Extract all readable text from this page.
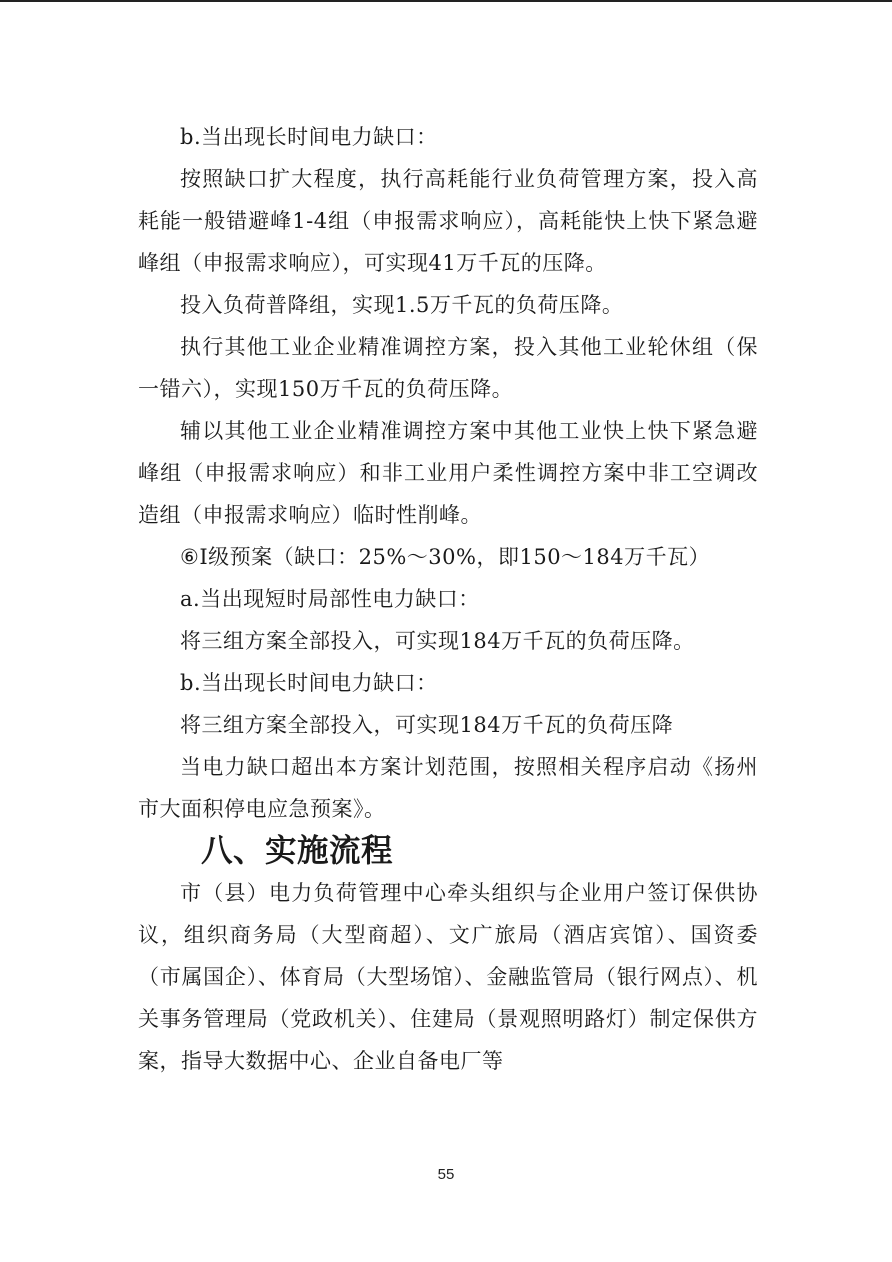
b.当出现长时间电力缺口：

按照缺口扩大程度，执行高耗能行业负荷管理方案，投入高耗能一般错避峰1-4组（申报需求响应），高耗能快上快下紧急避峰组（申报需求响应），可实现41万千瓦的压降。

投入负荷普降组，实现1.5万千瓦的负荷压降。

执行其他工业企业精准调控方案，投入其他工业轮休组（保一错六），实现150万千瓦的负荷压降。

辅以其他工业企业精准调控方案中其他工业快上快下紧急避峰组（申报需求响应）和非工业用户柔性调控方案中非工空调改造组（申报需求响应）临时性削峰。

⑥I级预案（缺口：25%～30%，即150～184万千瓦）

a.当出现短时局部性电力缺口：

将三组方案全部投入，可实现184万千瓦的负荷压降。

b.当出现长时间电力缺口：

将三组方案全部投入，可实现184万千瓦的负荷压降

当电力缺口超出本方案计划范围，按照相关程序启动《扬州市大面积停电应急预案》。

八、实施流程

市（县）电力负荷管理中心牵头组织与企业用户签订保供协议，组织商务局（大型商超）、文广旅局（酒店宾馆）、国资委（市属国企）、体育局（大型场馆）、金融监管局（银行网点）、机关事务管理局（党政机关）、住建局（景观照明路灯）制定保供方案，指导大数据中心、企业自备电厂等

55
